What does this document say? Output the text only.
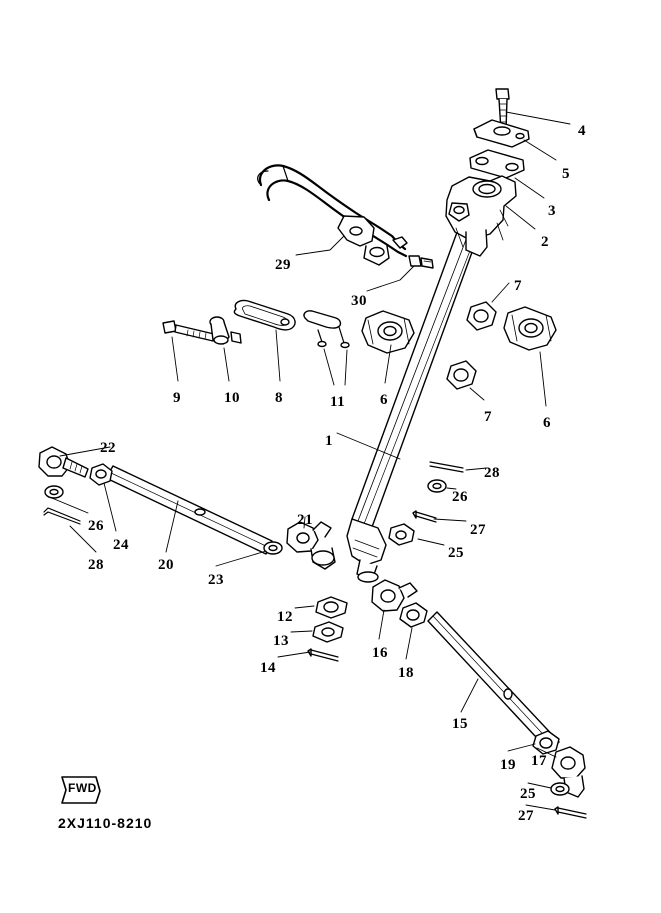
FWD
2XJ110-8210
4
5
3
2
29
30
7
6
7
9	10 8	11 6
1
22
28
26
27
25
26
24
28	20
23
21
12
13
14
16
18
15
19 17
25
27
